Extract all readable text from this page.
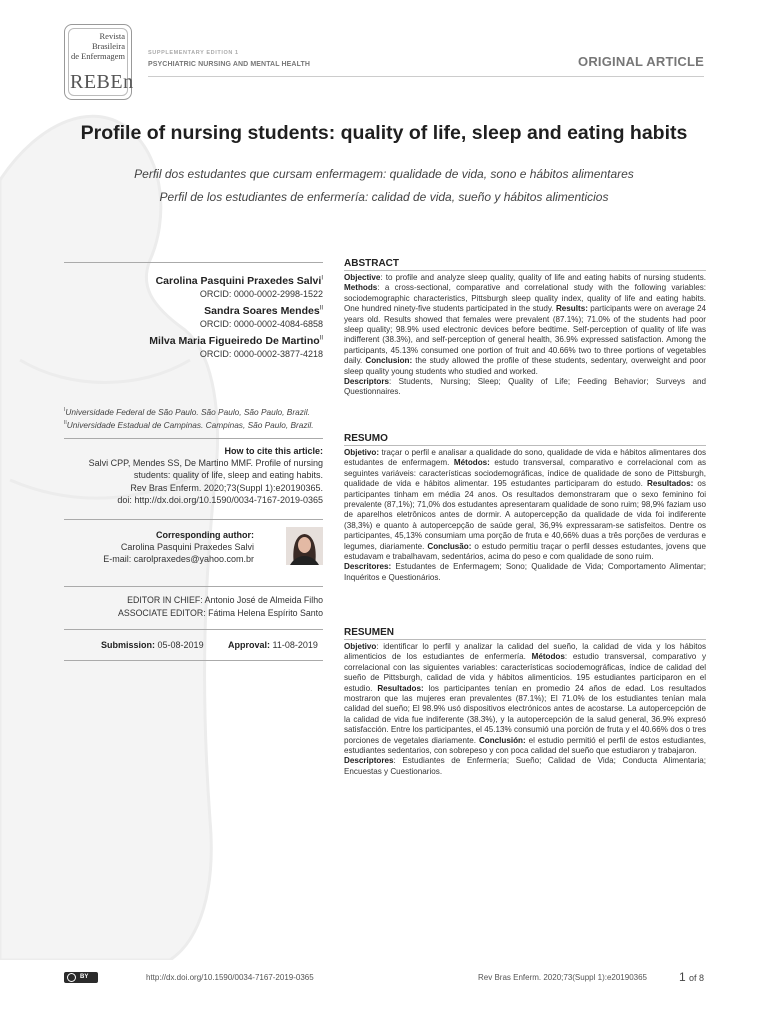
Revista
Brasileira
de Enfermagem
REBEn
SUPPLEMENTARY EDITION 1
PSYCHIATRIC NURSING AND MENTAL HEALTH	ORIGINAL ARTICLE
Profile of nursing students: quality of life, sleep and eating habits
Perfil dos estudantes que cursam enfermagem: qualidade de vida, sono e hábitos alimentares
Perfil de los estudiantes de enfermería: calidad de vida, sueño y hábitos alimenticios
Carolina Pasquini Praxedes Salvi$^I$
ORCID: 0000-0002-2998-1522
Sandra Soares Mendes$^{II}$
ORCID: 0000-0002-4084-6858
Milva Maria Figueiredo De Martino$^{II}$
ORCID: 0000-0002-3877-4218
$^I$Universidade Federal de São Paulo. São Paulo, São Paulo, Brazil.
$^{II}$Universidade Estadual de Campinas. Campinas, São Paulo, Brazil.
How to cite this article:
Salvi CPP, Mendes SS, De Martino MMF. Profile of nursing
students: quality of life, sleep and eating habits.
Rev Bras Enferm. 2020;73(Suppl 1):e20190365.
doi: http://dx.doi.org/10.1590/0034-7167-2019-0365
Corresponding author:
Carolina Pasquini Praxedes Salvi
E-mail: carolpraxedes@yahoo.com.br
EDITOR IN CHIEF: Antonio José de Almeida Filho
ASSOCIATE EDITOR: Fátima Helena Espírito Santo
Submission: 05-08-2019	Approval: 11-08-2019
ABSTRACT

Objective: to profile and analyze sleep quality, quality of life and eating habits of nursing students. Methods: a cross-sectional, comparative and correlational study with the following variables: sociodemographic characteristics, Pittsburgh sleep quality index, quality of life and eating habits. One hundred ninety-five students participated in the study. Results: participants were on average 24 years old. Results showed that females were prevalent (87.1%); 71.0% of the students had poor sleep quality; 98.9% used electronic devices before bedtime. Self-perception of quality of life was indifferent (38.3%), and self-perception of general health, 36.9% expressed satisfaction. Among the participants, 45.13% consumed one portion of fruit and 40.66% two to three portions of vegetables daily. Conclusion: the study allowed the profile of these students, sedentary, overweight and poor sleep quality young students who studied and worked.

Descriptors: Students, Nursing; Sleep; Quality of Life; Feeding Behavior; Surveys and Questionnaires.

RESUMO

Objetivo: traçar o perfil e analisar a qualidade do sono, qualidade de vida e hábitos alimentares dos estudantes de enfermagem. Métodos: estudo transversal, comparativo e correlacional com as seguintes variáveis: características sociodemográficas, índice de qualidade de sono de Pittsburgh, qualidade de vida e hábitos alimentar. 195 estudantes participaram do estudo. Resultados: os participantes tinham em média 24 anos. Os resultados demonstraram que o sexo feminino foi prevalente (87,1%); 71,0% dos estudantes apresentaram qualidade de sono ruim; 98,9% faziam uso de aparelhos eletrônicos antes de dormir. A autopercepção da qualidade de vida foi indiferente (38,3%) e quanto à autopercepção de saúde geral, 36,9% expressaram-se satisfeitos. Dentre os participantes, 45,13% consumiam uma porção de fruta e 40,66% duas a três porções de verduras e legumes, diariamente. Conclusão: o estudo permitiu traçar o perfil desses estudantes, jovens que estudavam e trabalhavam, sedentários, acima do peso e com qualidade de sono ruim.

Descritores: Estudantes de Enfermagem; Sono; Qualidade de Vida; Comportamento Alimentar; Inquéritos e Questionários.

RESUMEN

Objetivo: identificar lo perfil y analizar la calidad del sueño, la calidad de vida y los hábitos alimenticios de los estudiantes de enfermería. Métodos: estudio transversal, comparativo y correlacional con las siguientes variables: características sociodemográficas, índice de calidad del sueño de Pittsburgh, calidad de vida y hábitos alimenticios. 195 estudiantes participaron en el estudio. Resultados: los participantes tenían en promedio 24 años de edad. Los resultados mostraron que las mujeres eran prevalentes (87.1%); El 71.0% de los estudiantes tenían mala calidad del sueño; El 98.9% usó dispositivos electrónicos antes de acostarse. La autopercepción de la calidad de vida fue indiferente (38.3%), y la autopercepción de la salud general, 36.9% expresó satisfacción. Entre los participantes, el 45.13% consumió una porción de fruta y el 40.66% dos o tres porciones de vegetales diariamente. Conclusión: el estudio permitió el perfil de estos estudiantes, estudiantes sedentarios, con sobrepeso y con poca calidad del sueño que estudiaron y trabajaron.

Descriptores: Estudiantes de Enfermería; Sueño; Calidad de Vida; Conducta Alimentaria; Encuestas y Cuestionarios.

BY	http://dx.doi.org/10.1590/0034-7167-2019-0365	Rev Bras Enferm. 2020;73(Suppl 1):e20190365	1 of 8
